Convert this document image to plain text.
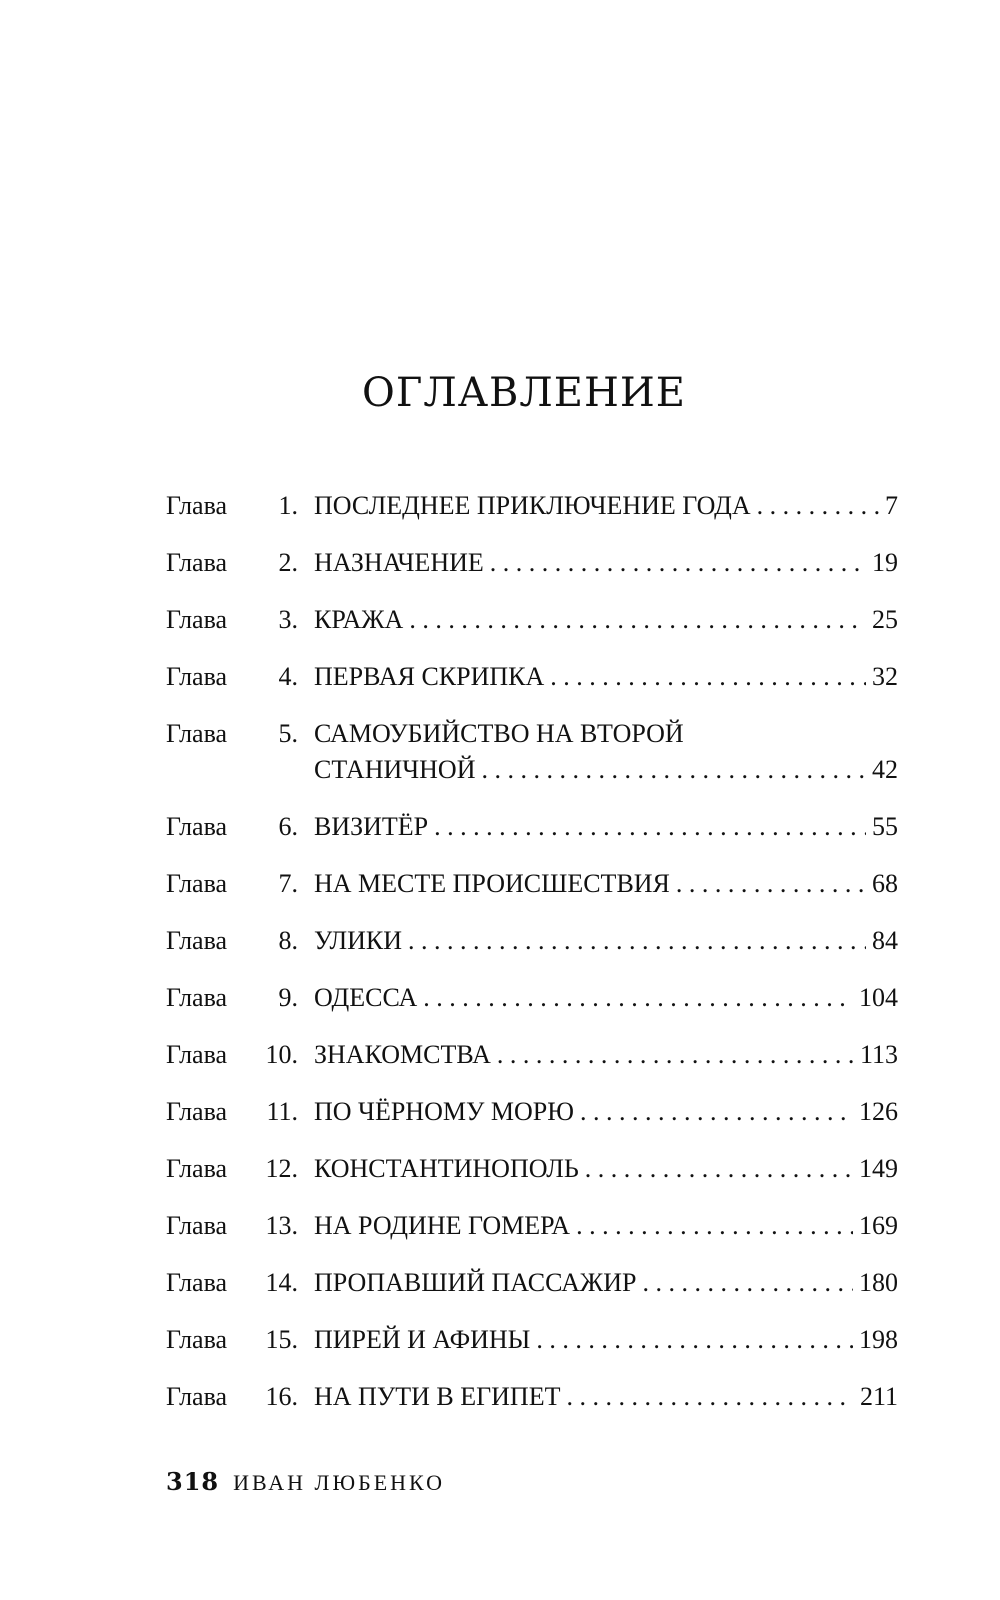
ОГЛАВЛЕНИЕ
Глава	1. ПОСЛЕДНЕЕ ПРИКЛЮЧЕНИЕ ГОДА . . .	7
Глава	2. НАЗНАЧЕНИЕ . . .	19
Глава	3. КРАЖА . . .	25
Глава	4. ПЕРВАЯ СКРИПКА . . .	32
Глава	5. САМОУБИЙСТВО НА ВТОРОЙ
СТАНИЧНОЙ . . .	42
Глава	6. ВИЗИТЁР . . .	55
Глава	7. НА МЕСТЕ ПРОИСШЕСТВИЯ . . .	68
Глава	8. УЛИКИ . . .	84
Глава	9. ОДЕССА . . .	104
Глава	10. ЗНАКОМСТВА . . .	113
Глава	11. ПО ЧЁРНОМУ МОРЮ . . .	126
Глава	12. КОНСТАНТИНОПОЛЬ . . .	149
Глава	13. НА РОДИНЕ ГОМЕРА . . .	169
Глава	14. ПРОПАВШИЙ ПАССАЖИР . . .	180
Глава	15. ПИРЕЙ И АФИНЫ . . .	198
Глава	16. НА ПУТИ В ЕГИПЕТ . . .	211
318 ИВАН ЛЮБЕНКО
